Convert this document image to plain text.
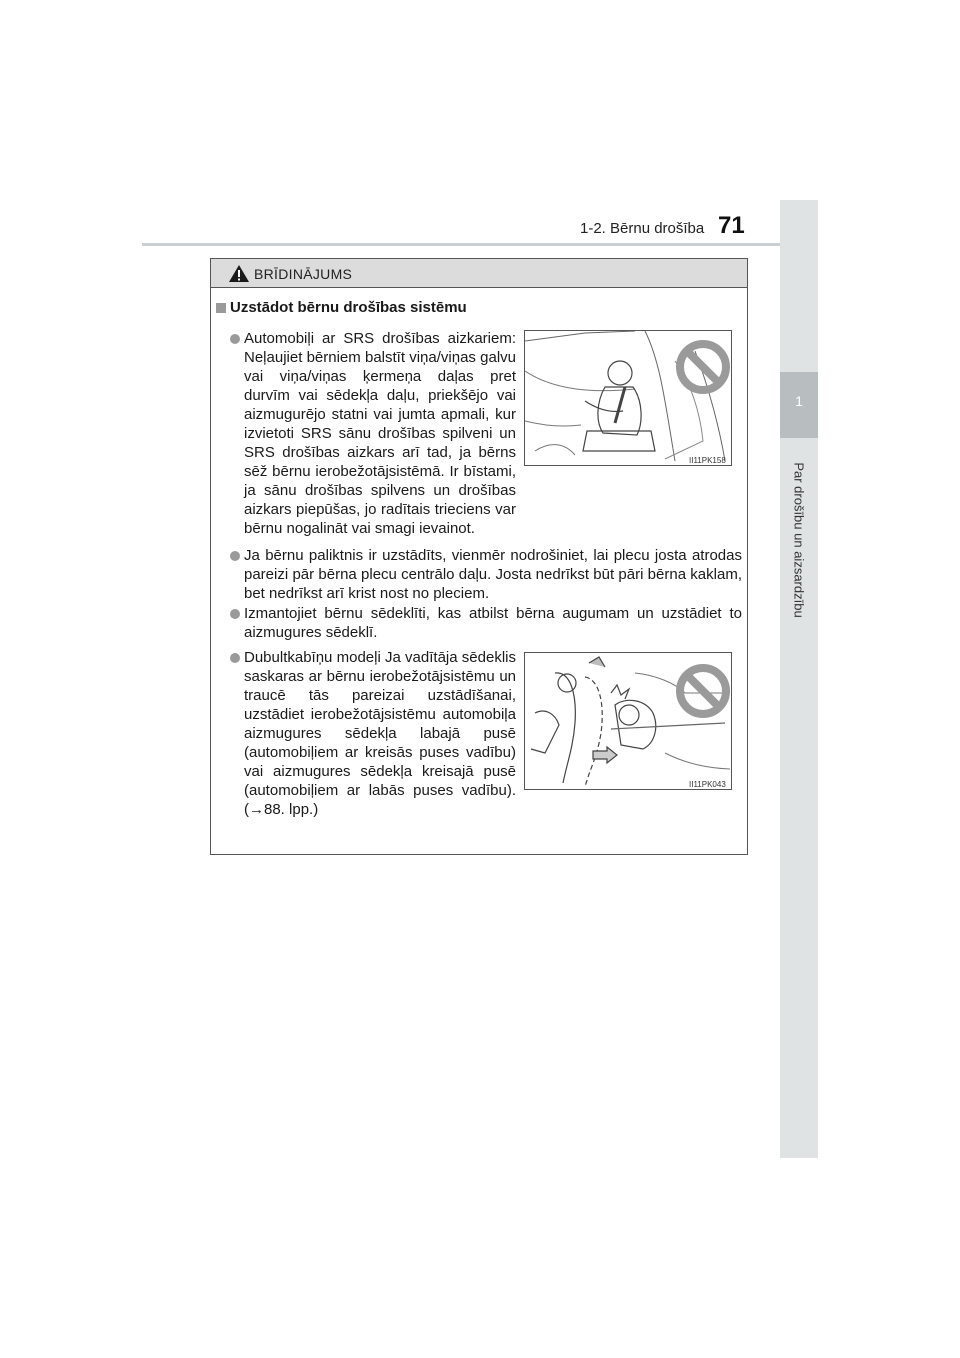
1-2. Bērnu drošība 71
1
Par drošību un aizsardzību
BRĪDINĀJUMS
Uzstādot bērnu drošības sistēmu
Automobiļi ar SRS drošības aizkariem: Neļaujiet bērniem balstīt viņa/viņas galvu vai viņa/viņas ķermeņa daļas pret durvīm vai sēdekļa daļu, priekšējo vai aizmugurējo statni vai jumta apmali, kur izvietoti SRS sānu drošības spilveni un SRS drošības aizkars arī tad, ja bērns sēž bērnu ierobežotājsistēmā. Ir bīstami, ja sānu drošības spilvens un drošības aizkars piepūšas, jo radītais trieciens var bērnu nogalināt vai smagi ievainot.
II11PK158
Ja bērnu paliktnis ir uzstādīts, vienmēr nodrošiniet, lai plecu josta atrodas pareizi pār bērna plecu centrālo daļu. Josta nedrīkst būt pāri bērna kaklam, bet nedrīkst arī krist nost no pleciem.
Izmantojiet bērnu sēdeklīti, kas atbilst bērna augumam un uzstādiet to aizmugures sēdeklī.
Dubultkabīņu modeļi Ja vadītāja sēdeklis saskaras ar bērnu ierobežotājsistēmu un traucē tās pareizai uzstādīšanai, uzstādiet ierobežotājsistēmu automobiļa aizmugures sēdekļa labajā pusē (automobiļiem ar kreisās puses vadību) vai aizmugures sēdekļa kreisajā pusē (automobiļiem ar labās puses vadību). (→88. lpp.)
II11PK043
